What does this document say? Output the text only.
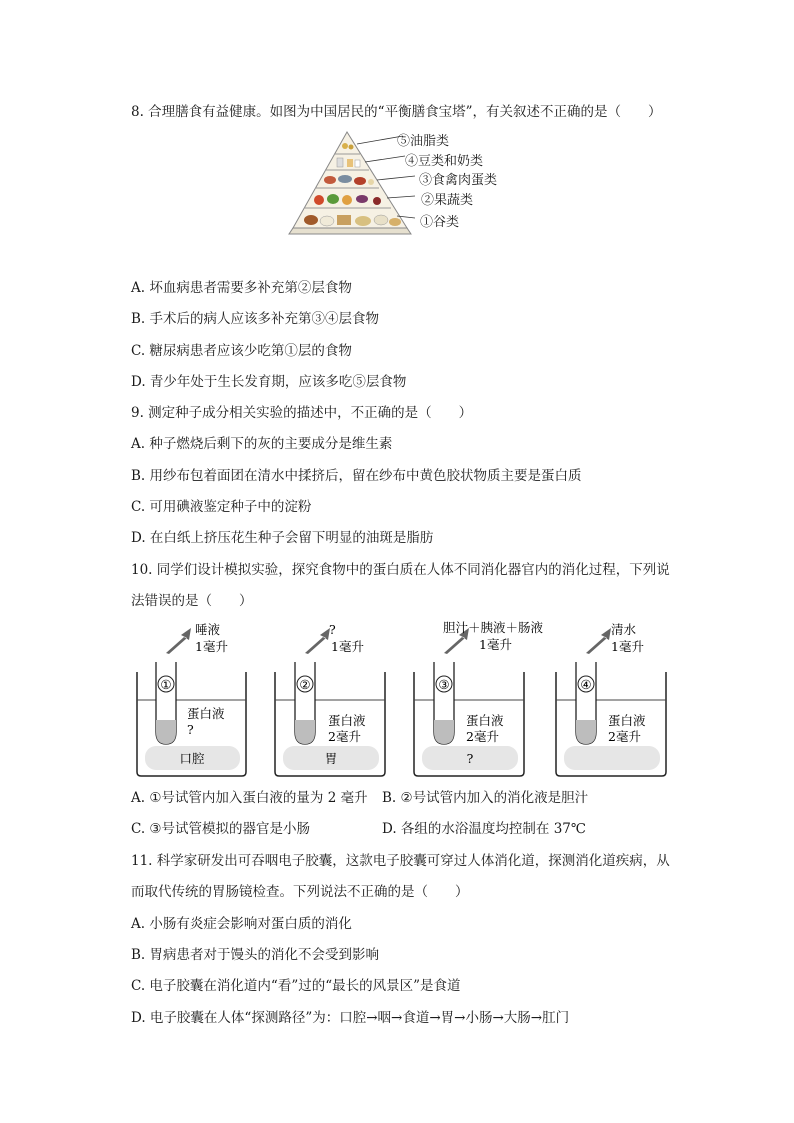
8. 合理膳食有益健康。如图为中国居民的“平衡膳食宝塔”，有关叙述不正确的是（　　）
⑤油脂类
④豆类和奶类
③食禽肉蛋类
②果蔬类
①谷类
A. 坏血病患者需要多补充第②层食物
B. 手术后的病人应该多补充第③④层食物
C. 糖尿病患者应该少吃第①层的食物
D. 青少年处于生长发育期，应该多吃⑤层食物
9. 测定种子成分相关实验的描述中，不正确的是（　　）
A. 种子燃烧后剩下的灰的主要成分是维生素
B. 用纱布包着面团在清水中揉挤后，留在纱布中黄色胶状物质主要是蛋白质
C. 可用碘液鉴定种子中的淀粉
D. 在白纸上挤压花生种子会留下明显的油斑是脂肪
10. 同学们设计模拟实验，探究食物中的蛋白质在人体不同消化器官内的消化过程，下列说
法错误的是（　　）
①
唾液
1毫升
蛋白液
?
口腔
②
?
1毫升
蛋白液
2毫升
胃
③
胆汁＋胰液＋肠液
1毫升
蛋白液
2毫升
?
④
清水
1毫升
蛋白液
2毫升
A. ①号试管内加入蛋白液的量为 2 毫升 B. ②号试管内加入的消化液是胆汁
C. ③号试管模拟的器官是小肠	D. 各组的水浴温度均控制在 37℃
11. 科学家研发出可吞咽电子胶囊，这款电子胶囊可穿过人体消化道，探测消化道疾病，从
而取代传统的胃肠镜检查。下列说法不正确的是（　　）
A. 小肠有炎症会影响对蛋白质的消化
B. 胃病患者对于馒头的消化不会受到影响
C. 电子胶囊在消化道内“看”过的“最长的风景区”是食道
D. 电子胶囊在人体“探测路径”为：口腔→咽→食道→胃→小肠→大肠→肛门
